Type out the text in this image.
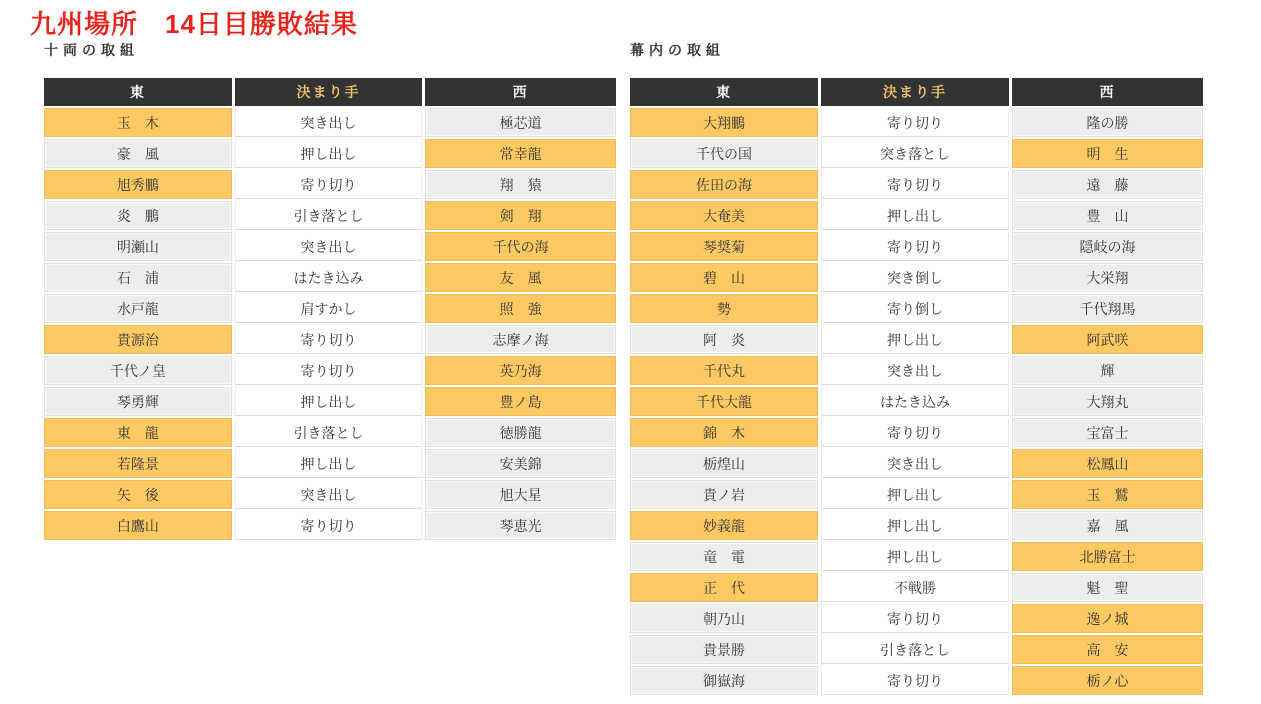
九州場所　14日目勝敗結果
十両の取組
東	決まり手	西
玉　木	突き出し	極芯道
豪　風	押し出し	常幸龍
旭秀鵬	寄り切り	翔　猿
炎　鵬	引き落とし	剣　翔
明瀬山	突き出し	千代の海
石　浦	はたき込み	友　風
水戸龍	肩すかし	照　強
貴源治	寄り切り	志摩ノ海
千代ノ皇	寄り切り	英乃海
琴勇輝	押し出し	豊ノ島
東　龍	引き落とし	徳勝龍
若隆景	押し出し	安美錦
矢　後	突き出し	旭大星
白鷹山	寄り切り	琴恵光
幕内の取組
東	決まり手	西
大翔鵬	寄り切り	隆の勝
千代の国	突き落とし	明　生
佐田の海	寄り切り	遠　藤
大奄美	押し出し	豊　山
琴奨菊	寄り切り	隠岐の海
碧　山	突き倒し	大栄翔
勢	寄り倒し	千代翔馬
阿　炎	押し出し	阿武咲
千代丸	突き出し	輝
千代大龍	はたき込み	大翔丸
錦　木	寄り切り	宝富士
栃煌山	突き出し	松鳳山
貴ノ岩	押し出し	玉　鷲
妙義龍	押し出し	嘉　風
竜　電	押し出し	北勝富士
正　代	不戦勝	魁　聖
朝乃山	寄り切り	逸ノ城
貴景勝	引き落とし	高　安
御嶽海	寄り切り	栃ノ心
